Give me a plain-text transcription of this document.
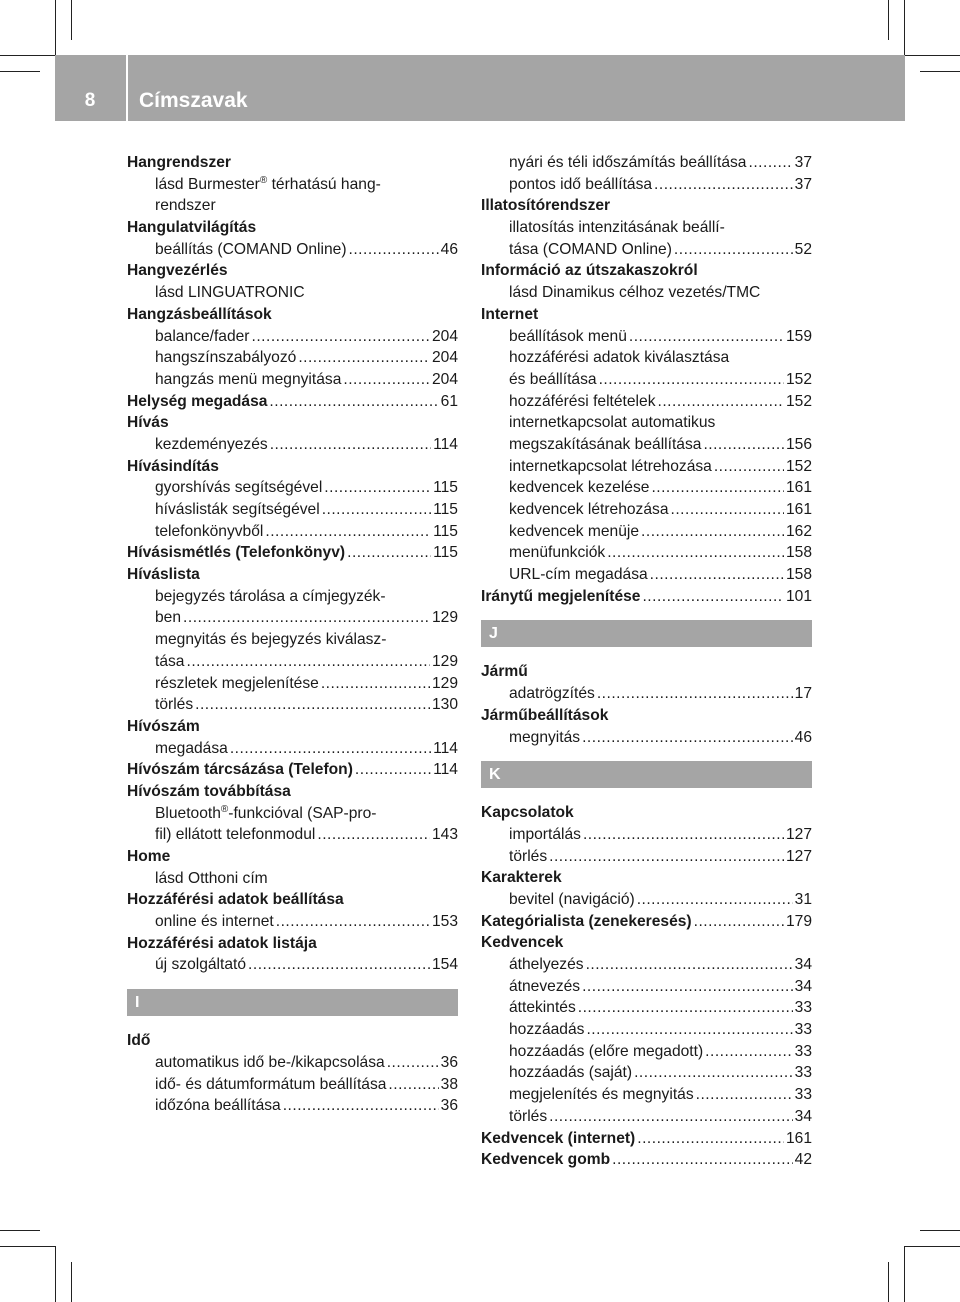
8	Címszavak
Hangrendszer
lásd Burmester® térhatású hang-
rendszer
Hangulatvilágítás
beállítás (COMAND Online) .....	46
Hangvezérlés
lásd LINGUATRONIC
Hangzásbeállítások
balance/fader .....	204
hangszínszabályozó .....	204
hangzás menü megnyitása .....	204
Helység megadása .....	61
Hívás
kezdeményezés .....	114
Hívásindítás
gyorshívás segítségével .....	115
híváslisták segítségével .....	115
telefonkönyvből .....	115
Hívásismétlés (Telefonkönyv) .....	115
Híváslista
bejegyzés tárolása a címjegyzék-
ben .....	129
megnyitás és bejegyzés kiválasz-
tása .....	129
részletek megjelenítése .....	129
törlés .....	130
Hívószám
megadása .....	114
Hívószám tárcsázása (Telefon) .....	114
Hívószám továbbítása
Bluetooth®-funkcióval (SAP-pro-
fil) ellátott telefonmodul .....	143
Home
lásd Otthoni cím
Hozzáférési adatok beállítása
online és internet .....	153
Hozzáférési adatok listája
új szolgáltató .....	154
I
Idő
automatikus idő be-/kikapcsolása .....	36
idő- és dátumformátum beállítása .....	38
időzóna beállítása .....	36
nyári és téli időszámítás beállítása .....	37
pontos idő beállítása .....	37
Illatosítórendszer
illatosítás intenzitásának beállí-
tása (COMAND Online) .....	52
Információ az útszakaszokról
lásd Dinamikus célhoz vezetés/TMC
Internet
beállítások menü .....	159
hozzáférési adatok kiválasztása
és beállítása .....	152
hozzáférési feltételek .....	152
internetkapcsolat automatikus
megszakításának beállítása .....	156
internetkapcsolat létrehozása .....	152
kedvencek kezelése .....	161
kedvencek létrehozása .....	161
kedvencek menüje .....	162
menüfunkciók .....	158
URL-cím megadása .....	158
Iránytű megjelenítése .....	101
J
Jármű
adatrögzítés .....	17
Járműbeállítások
megnyitás .....	46
K
Kapcsolatok
importálás .....	127
törlés .....	127
Karakterek
bevitel (navigáció) .....	31
Kategórialista (zenekeresés) .....	179
Kedvencek
áthelyezés .....	34
átnevezés .....	34
áttekintés .....	33
hozzáadás .....	33
hozzáadás (előre megadott) .....	33
hozzáadás (saját) .....	33
megjelenítés és megnyitás .....	33
törlés .....	34
Kedvencek (internet) .....	161
Kedvencek gomb .....	42
